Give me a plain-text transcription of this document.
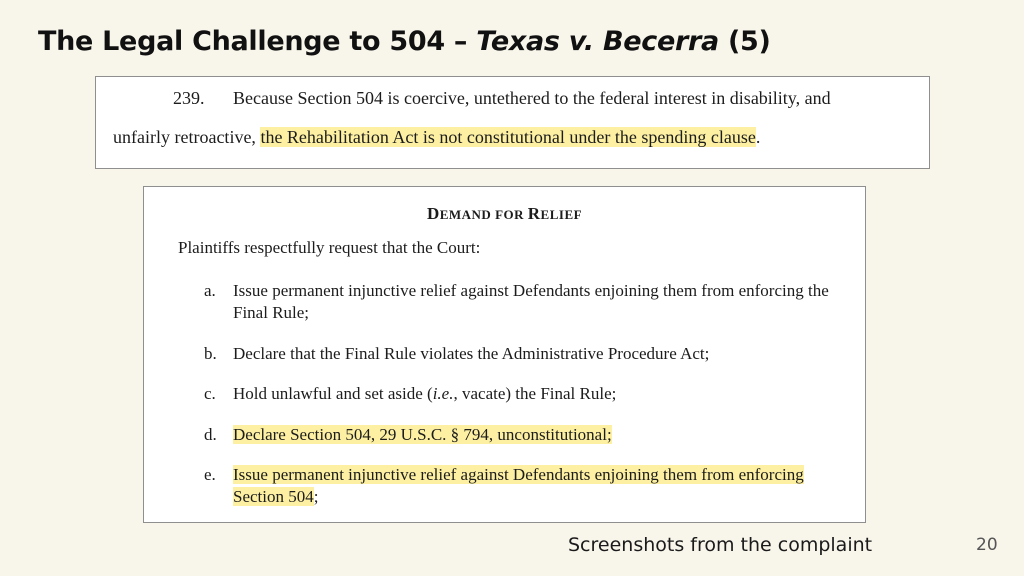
The Legal Challenge to 504 – Texas v. Becerra (5)
239. Because Section 504 is coercive, untethered to the federal interest in disability, and
unfairly retroactive, the Rehabilitation Act is not constitutional under the spending clause.
DEMAND FOR RELIEF
Plaintiffs respectfully request that the Court:
a. Issue permanent injunctive relief against Defendants enjoining them from enforcing the Final Rule;
b. Declare that the Final Rule violates the Administrative Procedure Act;
c. Hold unlawful and set aside (i.e., vacate) the Final Rule;
d. Declare Section 504, 29 U.S.C. § 794, unconstitutional;
e. Issue permanent injunctive relief against Defendants enjoining them from enforcing Section 504;
Screenshots from the complaint	20
